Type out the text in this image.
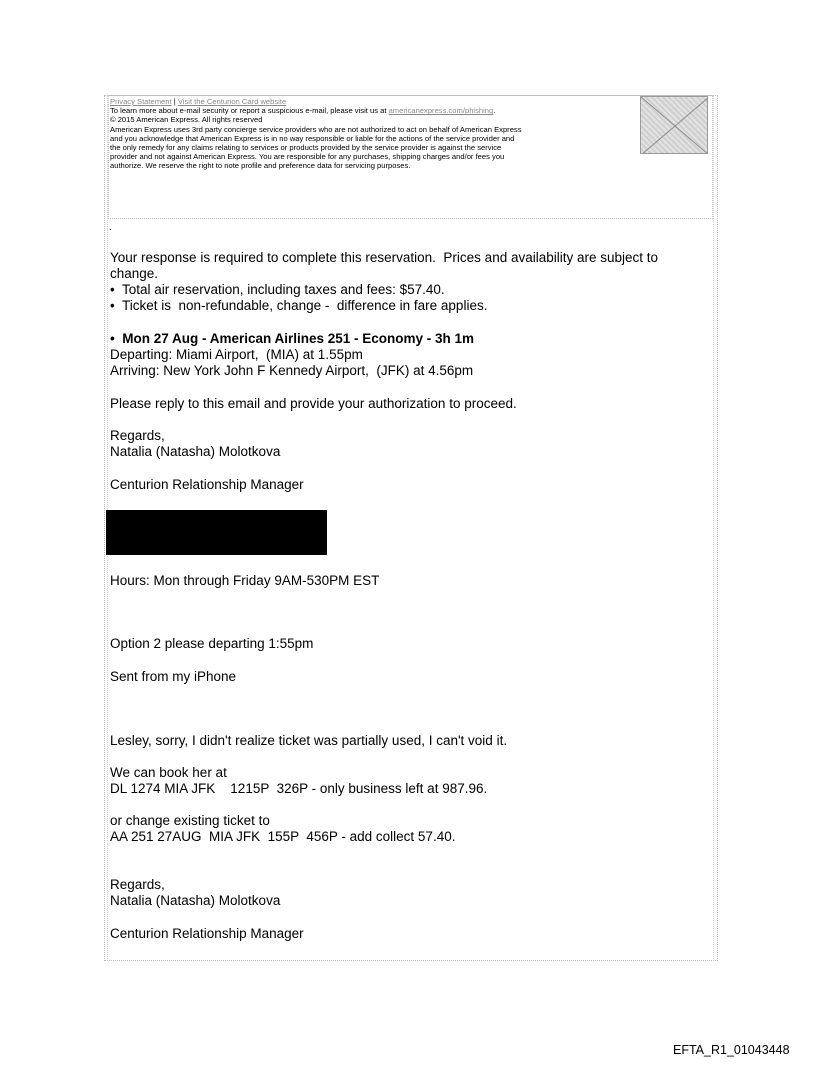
Privacy Statement | Visit the Centurion Card website
To learn more about e-mail security or report a suspicious e-mail, please visit us at americanexpress.com/phishing.
© 2015 American Express. All rights reserved
American Express uses 3rd party concierge service providers who are not authorized to act on behalf of American Express
and you acknowledge that American Express is in no way responsible or liable for the actions of the service provider and
the only remedy for any claims relating to services or products provided by the service provider is against the service
provider and not against American Express. You are responsible for any purchases, shipping charges and/or fees you
authorize. We reserve the right to note profile and preference data for servicing purposes.
.
Your response is required to complete this reservation.  Prices and availability are subject to
change.
•  Total air reservation, including taxes and fees: $57.40.
•  Ticket is  non-refundable, change -  difference in fare applies.
•  Mon 27 Aug - American Airlines 251 - Economy - 3h 1m
Departing: Miami Airport,  (MIA) at 1.55pm
Arriving: New York John F Kennedy Airport,  (JFK) at 4.56pm
Please reply to this email and provide your authorization to proceed.
Regards,
Natalia (Natasha) Molotkova
Centurion Relationship Manager
Hours: Mon through Friday 9AM-530PM EST
Option 2 please departing 1:55pm
Sent from my iPhone
Lesley, sorry, I didn't realize ticket was partially used, I can't void it.
We can book her at
DL 1274 MIA JFK    1215P  326P - only business left at 987.96.
or change existing ticket to
AA 251 27AUG  MIA JFK  155P  456P - add collect 57.40.
Regards,
Natalia (Natasha) Molotkova
Centurion Relationship Manager
EFTA_R1_01043448
